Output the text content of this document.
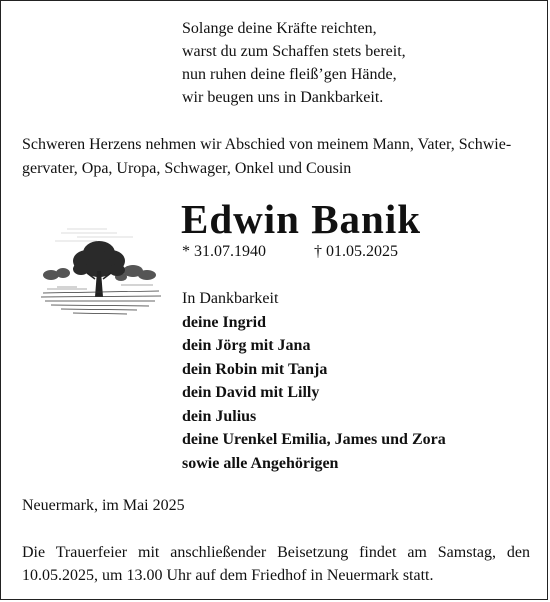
Solange deine Kräfte reichten,
warst du zum Schaffen stets bereit,
nun ruhen deine fleiß’gen Hände,
wir beugen uns in Dankbarkeit.
Schweren Herzens nehmen wir Abschied von meinem Mann, Vater, Schwie-
gervater, Opa, Uropa, Schwager, Onkel und Cousin
Edwin Banik
* 31.07.1940	† 01.05.2025
In Dankbarkeit
deine Ingrid
dein Jörg mit Jana
dein Robin mit Tanja
dein David mit Lilly
dein Julius
deine Urenkel Emilia, James und Zora
sowie alle Angehörigen
Neuermark, im Mai 2025
Die Trauerfeier mit anschließender Beisetzung findet am Samstag, den
10.05.2025, um 13.00 Uhr auf dem Friedhof in Neuermark statt.
